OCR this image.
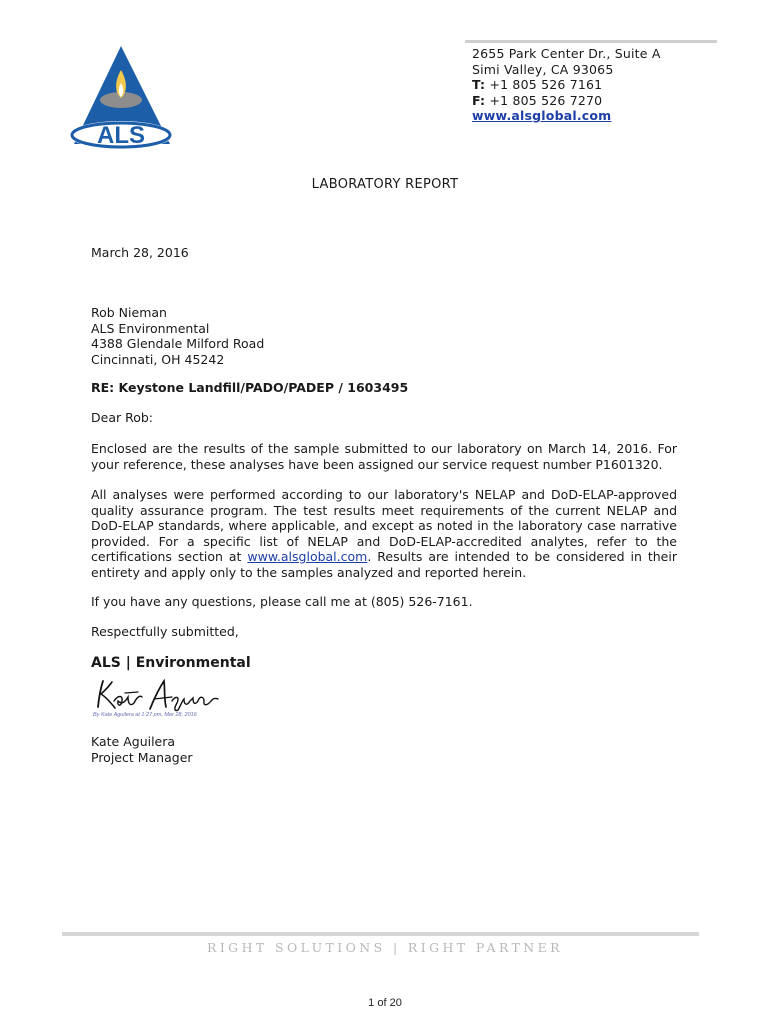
ALS
2655 Park Center Dr., Suite A
Simi Valley, CA 93065
T: +1 805 526 7161
F: +1 805 526 7270
www.alsglobal.com
LABORATORY REPORT
March 28, 2016
Rob Nieman
ALS Environmental
4388 Glendale Milford Road
Cincinnati, OH 45242
RE: Keystone Landfill/PADO/PADEP / 1603495
Dear Rob:
Enclosed are the results of the sample submitted to our laboratory on March 14, 2016. For your reference, these analyses have been assigned our service request number P1601320.
All analyses were performed according to our laboratory's NELAP and DoD-ELAP-approved quality assurance program. The test results meet requirements of the current NELAP and DoD-ELAP standards, where applicable, and except as noted in the laboratory case narrative provided. For a specific list of NELAP and DoD-ELAP-accredited analytes, refer to the certifications section at www.alsglobal.com. Results are intended to be considered in their entirety and apply only to the samples analyzed and reported herein.
If you have any questions, please call me at (805) 526-7161.
Respectfully submitted,
ALS | Environmental
By Kate Aguilera at 1:27 pm, Mar 28, 2016
Kate Aguilera
Project Manager
RIGHT SOLUTIONS | RIGHT PARTNER
1 of 20
